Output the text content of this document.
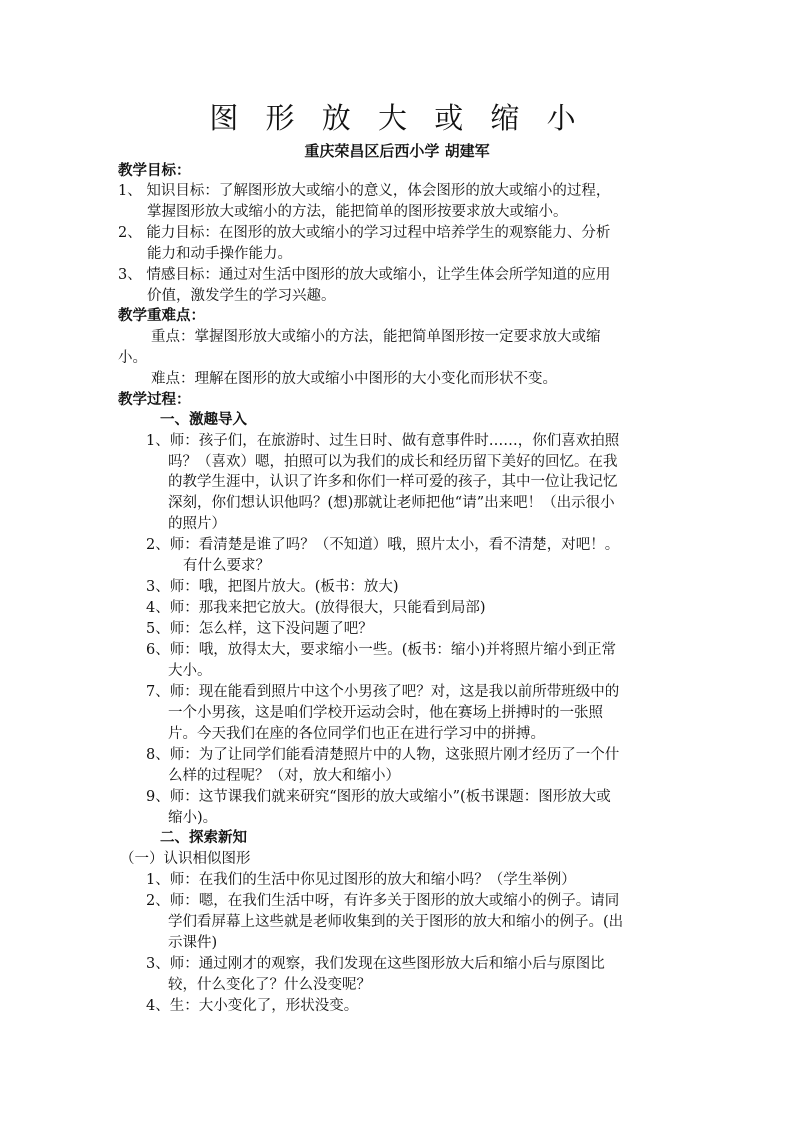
图 形 放 大 或 缩 小
重庆荣昌区后西小学 胡建军
教学目标：
1、 知识目标：了解图形放大或缩小的意义，体会图形的放大或缩小的过程，
掌握图形放大或缩小的方法，能把简单的图形按要求放大或缩小。
2、 能力目标：在图形的放大或缩小的学习过程中培养学生的观察能力、分析
能力和动手操作能力。
3、 情感目标：通过对生活中图形的放大或缩小，让学生体会所学知道的应用
价值，激发学生的学习兴趣。
教学重难点：
重点：掌握图形放大或缩小的方法，能把简单图形按一定要求放大或缩
小。
难点：理解在图形的放大或缩小中图形的大小变化而形状不变。
教学过程：
一、激趣导入
1、师：孩子们，在旅游时、过生日时、做有意事件时……，你们喜欢拍照
吗？（喜欢）嗯，拍照可以为我们的成长和经历留下美好的回忆。在我
的教学生涯中，认识了许多和你们一样可爱的孩子，其中一位让我记忆
深刻，你们想认识他吗？(想)那就让老师把他“请”出来吧！（出示很小
的照片）
2、师：看清楚是谁了吗？（不知道）哦，照片太小，看不清楚，对吧！。
有什么要求？
3、师：哦，把图片放大。(板书：放大)
4、师：那我来把它放大。(放得很大，只能看到局部)
5、师：怎么样，这下没问题了吧？
6、师：哦，放得太大，要求缩小一些。(板书：缩小)并将照片缩小到正常
大小。
7、师：现在能看到照片中这个小男孩了吧？对，这是我以前所带班级中的
一个小男孩，这是咱们学校开运动会时，他在赛场上拼搏时的一张照
片。今天我们在座的各位同学们也正在进行学习中的拼搏。
8、师：为了让同学们能看清楚照片中的人物，这张照片刚才经历了一个什
么样的过程呢？（对，放大和缩小）
9、师：这节课我们就来研究“图形的放大或缩小”(板书课题：图形放大或
缩小)。
二、探索新知
（一）认识相似图形
1、师：在我们的生活中你见过图形的放大和缩小吗？（学生举例）
2、师：嗯，在我们生活中呀，有许多关于图形的放大或缩小的例子。请同
学们看屏幕上这些就是老师收集到的关于图形的放大和缩小的例子。(出
示课件)
3、师：通过刚才的观察，我们发现在这些图形放大后和缩小后与原图比
较，什么变化了？什么没变呢？
4、生：大小变化了，形状没变。
